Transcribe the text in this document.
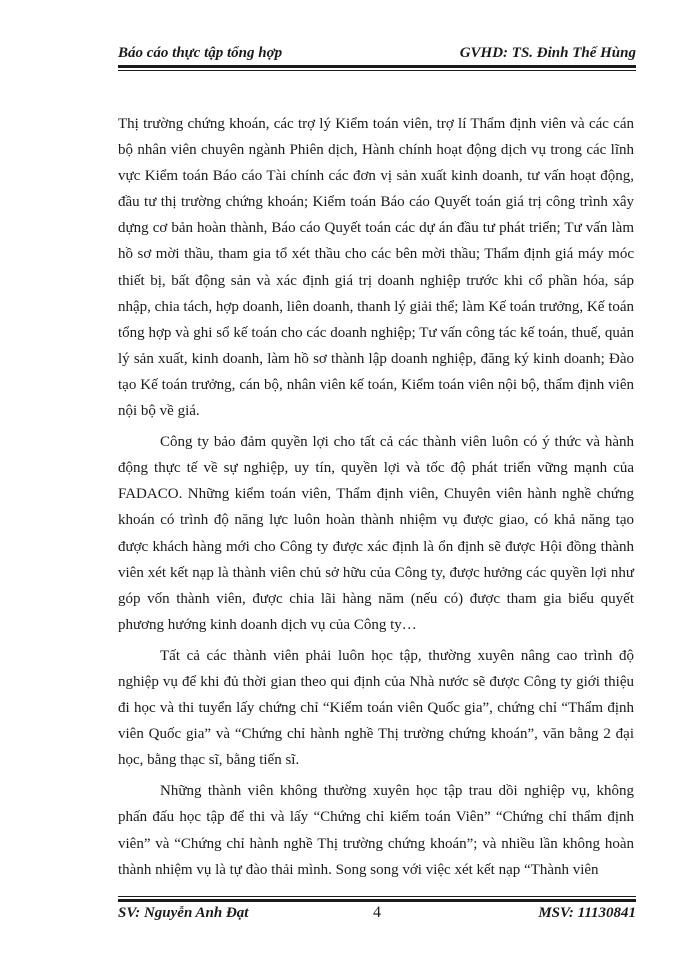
Báo cáo thực tập tổng hợp	GVHD: TS. Đinh Thế Hùng

Thị trường chứng khoán, các trợ lý Kiểm toán viên, trợ lí Thẩm định viên và các cán bộ nhân viên chuyên ngành Phiên dịch, Hành chính hoạt động dịch vụ trong các lĩnh vực Kiểm toán Báo cáo Tài chính các đơn vị sản xuất kinh doanh, tư vấn hoạt động, đầu tư thị trường chứng khoán; Kiểm toán Báo cáo Quyết toán giá trị công trình xây dựng cơ bản hoàn thành, Báo cáo Quyết toán các dự án đầu tư phát triển; Tư vấn làm hồ sơ mời thầu, tham gia tổ xét thầu cho các bên mời thầu; Thẩm định giá máy móc thiết bị, bất động sản và xác định giá trị doanh nghiệp trước khi cổ phần hóa, sáp nhập, chia tách, hợp doanh, liên doanh, thanh lý giải thể; làm Kế toán trưởng, Kế toán tổng hợp và ghi sổ kế toán cho các doanh nghiệp; Tư vấn công tác kế toán, thuế, quản lý sản xuất, kinh doanh, làm hồ sơ thành lập doanh nghiệp, đăng ký kinh doanh; Đào tạo Kế toán trưởng, cán bộ, nhân viên kế toán, Kiểm toán viên nội bộ, thẩm định viên nội bộ về giá.

Công ty bảo đảm quyền lợi cho tất cả các thành viên luôn có ý thức và hành động thực tế về sự nghiệp, uy tín, quyền lợi và tốc độ phát triển vững mạnh của FADACO. Những kiểm toán viên, Thẩm định viên, Chuyên viên hành nghề chứng khoán có trình độ năng lực luôn hoàn thành nhiệm vụ được giao, có khả năng tạo được khách hàng mới cho Công ty được xác định là ổn định sẽ được Hội đồng thành viên xét kết nạp là thành viên chủ sở hữu của Công ty, được hưởng các quyền lợi như góp vốn thành viên, được chia lãi hàng năm (nếu có) được tham gia biểu quyết phương hướng kinh doanh dịch vụ của Công ty…

Tất cả các thành viên phải luôn học tập, thường xuyên nâng cao trình độ nghiệp vụ để khi đủ thời gian theo qui định của Nhà nước sẽ được Công ty giới thiệu đi học và thi tuyển lấy chứng chỉ “Kiểm toán viên Quốc gia”, chứng chỉ “Thẩm định viên Quốc gia” và “Chứng chỉ hành nghề Thị trường chứng khoán”, văn bằng 2 đại học, bằng thạc sĩ, bằng tiến sĩ.

Những thành viên không thường xuyên học tập trau dồi nghiệp vụ, không phấn đấu học tập để thi và lấy “Chứng chỉ kiểm toán Viên” “Chứng chỉ thẩm định viên” và “Chứng chỉ hành nghề Thị trường chứng khoán”; và nhiều lần không hoàn thành nhiệm vụ là tự đào thải mình. Song song với việc xét kết nạp “Thành viên

SV: Nguyễn Anh Đạt	4	MSV: 11130841
